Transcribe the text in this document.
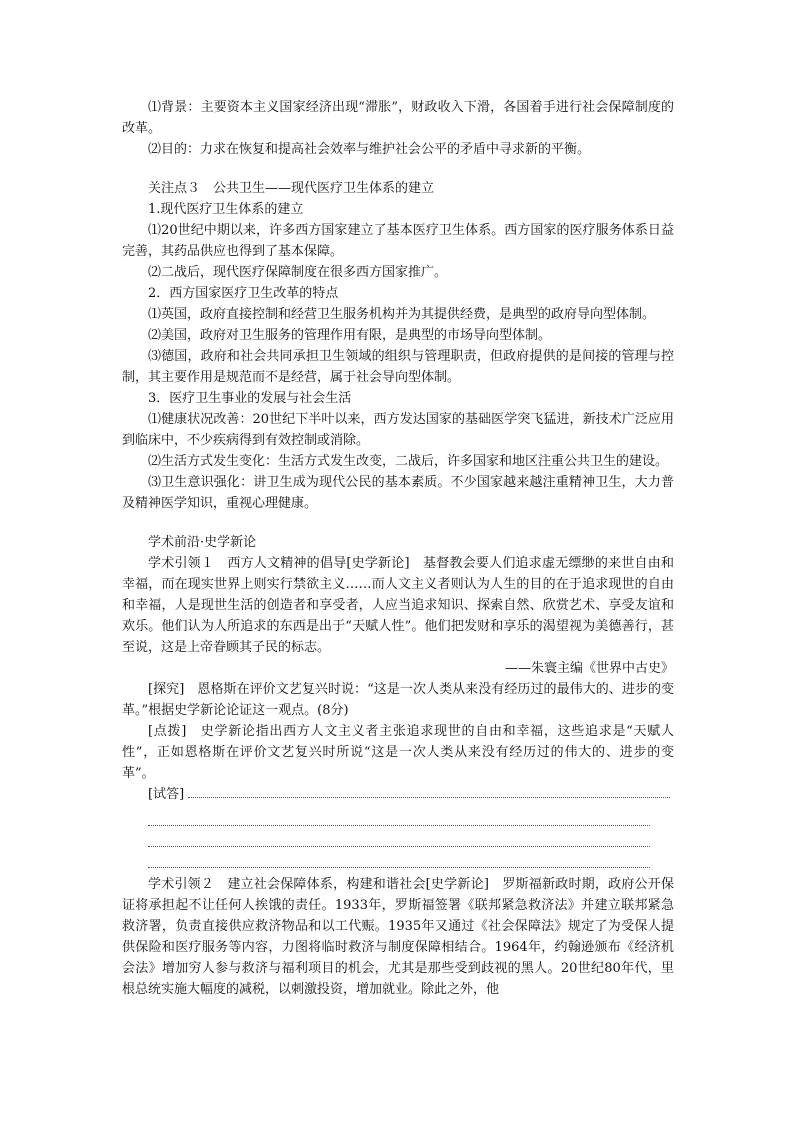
⑴背景：主要资本主义国家经济出现“滞胀”，财政收入下滑，各国着手进行社会保障制度的改革。

⑵目的：力求在恢复和提高社会效率与维护社会公平的矛盾中寻求新的平衡。

关注点３　公共卫生——现代医疗卫生体系的建立

1.现代医疗卫生体系的建立

⑴20世纪中期以来，许多西方国家建立了基本医疗卫生体系。西方国家的医疗服务体系日益完善，其药品供应也得到了基本保障。

⑵二战后，现代医疗保障制度在很多西方国家推广。

2．西方国家医疗卫生改革的特点

⑴英国，政府直接控制和经营卫生服务机构并为其提供经费，是典型的政府导向型体制。

⑵美国，政府对卫生服务的管理作用有限，是典型的市场导向型体制。

⑶德国，政府和社会共同承担卫生领域的组织与管理职责，但政府提供的是间接的管理与控制，其主要作用是规范而不是经营，属于社会导向型体制。

3．医疗卫生事业的发展与社会生活

⑴健康状况改善：20世纪下半叶以来，西方发达国家的基础医学突飞猛进，新技术广泛应用到临床中，不少疾病得到有效控制或消除。

⑵生活方式发生变化：生活方式发生改变，二战后，许多国家和地区注重公共卫生的建设。

⑶卫生意识强化：讲卫生成为现代公民的基本素质。不少国家越来越注重精神卫生，大力普及精神医学知识，重视心理健康。

学术前沿·史学新论

学术引领１　西方人文精神的倡导[史学新论]　基督教会要人们追求虚无缥缈的来世自由和幸福，而在现实世界上则实行禁欲主义……而人文主义者则认为人生的目的在于追求现世的自由和幸福，人是现世生活的创造者和享受者，人应当追求知识、探索自然、欣赏艺术、享受友谊和欢乐。他们认为人所追求的东西是出于“天赋人性”。他们把发财和享乐的渴望视为美德善行，甚至说，这是上帝眷顾其子民的标志。

——朱寰主编《世界中古史》

[探究]　恩格斯在评价文艺复兴时说：“这是一次人类从来没有经历过的最伟大的、进步的变革。”根据史学新论论证这一观点。(8分)

[点拨]　史学新论指出西方人文主义者主张追求现世的自由和幸福，这些追求是“天赋人性”，正如恩格斯在评价文艺复兴时所说“这是一次人类从来没有经历过的伟大的、进步的变革”。

[试答]

学术引领２　建立社会保障体系，构建和谐社会[史学新论]　罗斯福新政时期，政府公开保证将承担起不让任何人挨饿的责任。1933年，罗斯福签署《联邦紧急救济法》并建立联邦紧急救济署，负责直接供应救济物品和以工代赈。1935年又通过《社会保障法》规定了为受保人提供保险和医疗服务等内容，力图将临时救济与制度保障相结合。1964年，约翰逊颁布《经济机会法》增加穷人参与救济与福利项目的机会，尤其是那些受到歧视的黑人。20世纪80年代，里根总统实施大幅度的减税，以刺激投资，增加就业。除此之外，他
